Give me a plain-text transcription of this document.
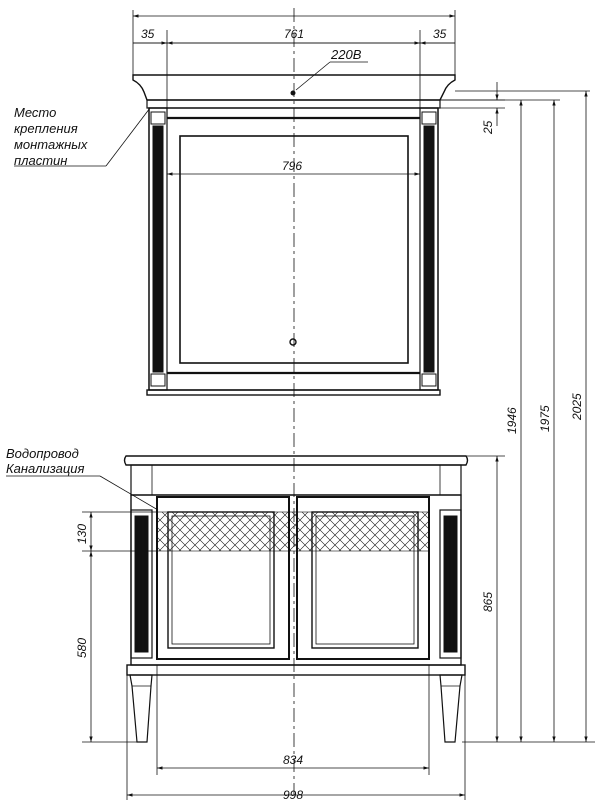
35	761	35
220В
796
Место крепления монтажных пластин
25
1946 1975 2025
865
Водопровод Канализация
130
580
834
998
